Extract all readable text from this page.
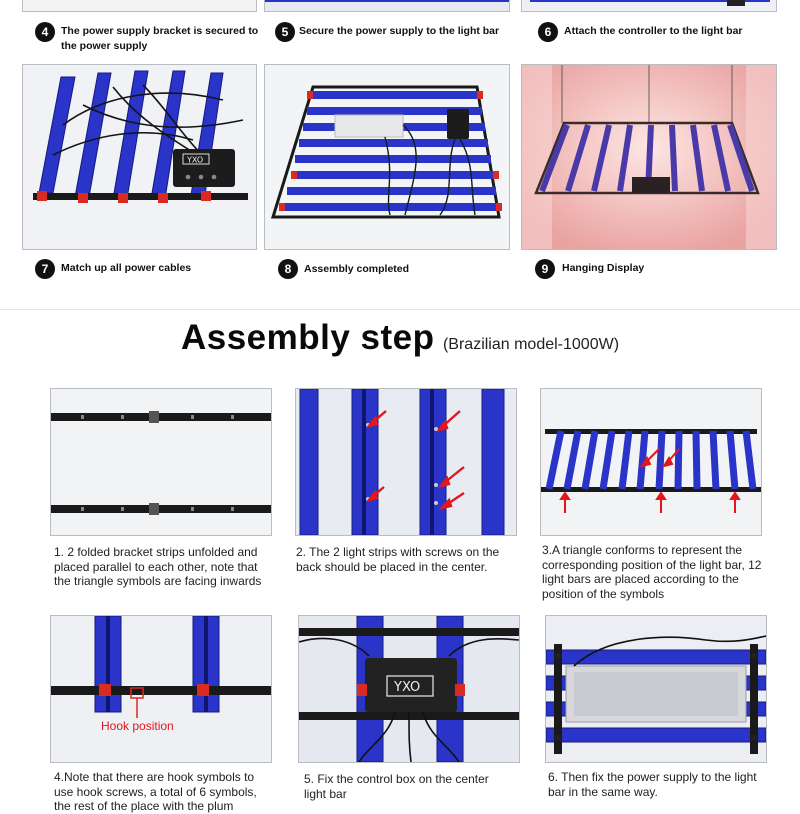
4	The power supply bracket is secured to the power supply
5	Secure the power supply to the light bar	6	Attach the controller to the light bar
YXO
7	Match up all power cables	8	Assembly completed	9	Hanging Display
Assembly step (Brazilian model-1000W)
1. 2 folded bracket strips unfolded and placed parallel to each other, note that the triangle symbols are facing inwards
2. The 2 light strips with screws on the back should be placed in the center.
3.A triangle conforms to represent the corresponding position of the light bar, 12 light bars are placed according to the position of the symbols
Hook position
YXO
4.Note that there are hook symbols to use hook screws, a total of 6 symbols, the rest of the place with the plum
5. Fix the control box on the center light bar
6. Then fix the power supply to the light bar in the same way.
